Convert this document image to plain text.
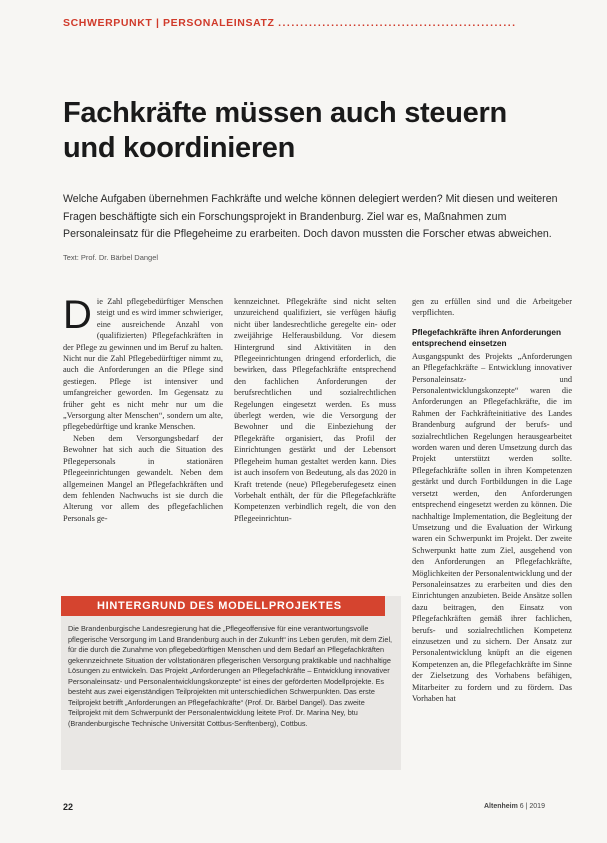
SCHWERPUNKT | PERSONALEINSATZ ......................................................
Fachkräfte müssen auch steuern
und koordinieren
Welche Aufgaben übernehmen Fachkräfte und welche können delegiert werden? Mit diesen und weiteren Fragen beschäftigte sich ein Forschungsprojekt in Brandenburg. Ziel war es, Maßnahmen zum Personaleinsatz für die Pflegeheime zu erarbeiten. Doch davon mussten die Forscher etwas abweichen.
Text: Prof. Dr. Bärbel Dangel

Die Zahl pflegebedürftiger Menschen steigt und es wird immer schwieriger, eine ausreichende Anzahl von (qualifizierten) Pflegefachkräften in der Pflege zu gewinnen und im Beruf zu halten. Nicht nur die Zahl Pflegebedürftiger nimmt zu, auch die Anforderungen an die Pflege sind gestiegen. Pflege ist intensiver und umfangreicher geworden. Im Gegensatz zu früher geht es nicht mehr nur um die „Versorgung alter Menschen“, sondern um alte, pflegebedürftige und kranke Menschen.

Neben dem Versorgungsbedarf der Bewohner hat sich auch die Situation des Pflegepersonals in stationären Pflegeeinrichtungen gewandelt. Neben dem allgemeinen Mangel an Pflegefachkräften und dem fehlenden Nachwuchs ist sie durch die Alterung vor allem des pflegefachlichen Personals ge-

kennzeichnet. Pflegekräfte sind nicht selten unzureichend qualifiziert, sie verfügen häufig nicht über landesrechtliche geregelte ein- oder zweijährige Helferausbildung. Vor diesem Hintergrund sind Aktivitäten in den Pflegeeinrichtungen dringend erforderlich, die bewirken, dass Pflegefachkräfte entsprechend den fachlichen Anforderungen der berufsrechtlichen und sozialrechtlichen Regelungen eingesetzt werden. Es muss überlegt werden, wie die Versorgung der Bewohner und die Einbeziehung der Pflegekräfte organisiert, das Profil der Einrichtungen gestärkt und der Lebensort Pflegeheim human gestaltet werden kann. Dies ist auch insofern von Bedeutung, als das 2020 in Kraft tretende (neue) Pflegeberufegesetz einen Vorbehalt enthält, der für die Pflegefachkräfte Kompetenzen verbindlich regelt, die von den Pflegeeinrichtun-

gen zu erfüllen sind und die Arbeitgeber verpflichten.

Pflegefachkräfte ihren Anforderungen entsprechend einsetzen

Ausgangspunkt des Projekts „Anforderungen an Pflegefachkräfte – Entwicklung innovativer Personaleinsatz- und Personalentwicklungskonzepte“ waren die Anforderungen an Pflegefachkräfte, die im Rahmen der Fachkräfteinitiative des Landes Brandenburg aufgrund der berufs- und sozialrechtlichen Regelungen herausgearbeitet worden waren und deren Umsetzung durch das Projekt unterstützt werden sollte. Pflegefachkräfte sollen in ihren Kompetenzen gestärkt und durch Fortbildungen in die Lage versetzt werden, den Anforderungen entsprechend eingesetzt werden zu können. Die nachhaltige Implementation, die Begleitung der Umsetzung und die Evaluation der Wirkung waren ein Schwerpunkt im Projekt. Der zweite Schwerpunkt hatte zum Ziel, ausgehend von den Anforderungen an Pflegefachkräfte, Möglichkeiten der Personalentwicklung und der Personaleinsatzes zu erarbeiten und dies den Einrichtungen anzubieten. Beide Ansätze sollen dazu beitragen, den Einsatz von Pflegefachkräften gemäß ihrer fachlichen, berufs- und sozialrechtlichen Kompetenz einzusetzen und zu sichern. Der Ansatz zur Personalentwicklung knüpft an die eigenen Kompetenzen an, die Pflegefachkräfte im Sinne der Zielsetzung des Vorhabens befähigen, Mitarbeiter zu fordern und zu fördern. Das Vorhaben hat

HINTERGRUND DES MODELLPROJEKTES
Die Brandenburgische Landesregierung hat die „Pflegeoffensive für eine verantwortungsvolle pflegerische Versorgung im Land Brandenburg auch in der Zukunft“ ins Leben gerufen, mit dem Ziel, für die durch die Zunahme von pflegebedürftigen Menschen und dem Bedarf an Pflegefachkräften gekennzeichnete Situation der vollstationären pflegerischen Versorgung praktikable und nachhaltige Lösungen zu entwickeln. Das Projekt „Anforderungen an Pflegefachkräfte – Entwicklung innovativer Personaleinsatz- und Personalentwicklungskonzepte“ ist eines der geförderten Modellprojekte. Es besteht aus zwei eigenständigen Teilprojekten mit unterschiedlichen Schwerpunkten. Das erste Teilprojekt betrifft „Anforderungen an Pflegefachkräfte“ (Prof. Dr. Bärbel Dangel). Das zweite Teilprojekt mit dem Schwerpunkt der Personalentwicklung leitete Prof. Dr. Marina Ney, btu (Brandenburgische Technische Universität Cottbus-Senftenberg), Cottbus.
22	Altenheim 6 | 2019
